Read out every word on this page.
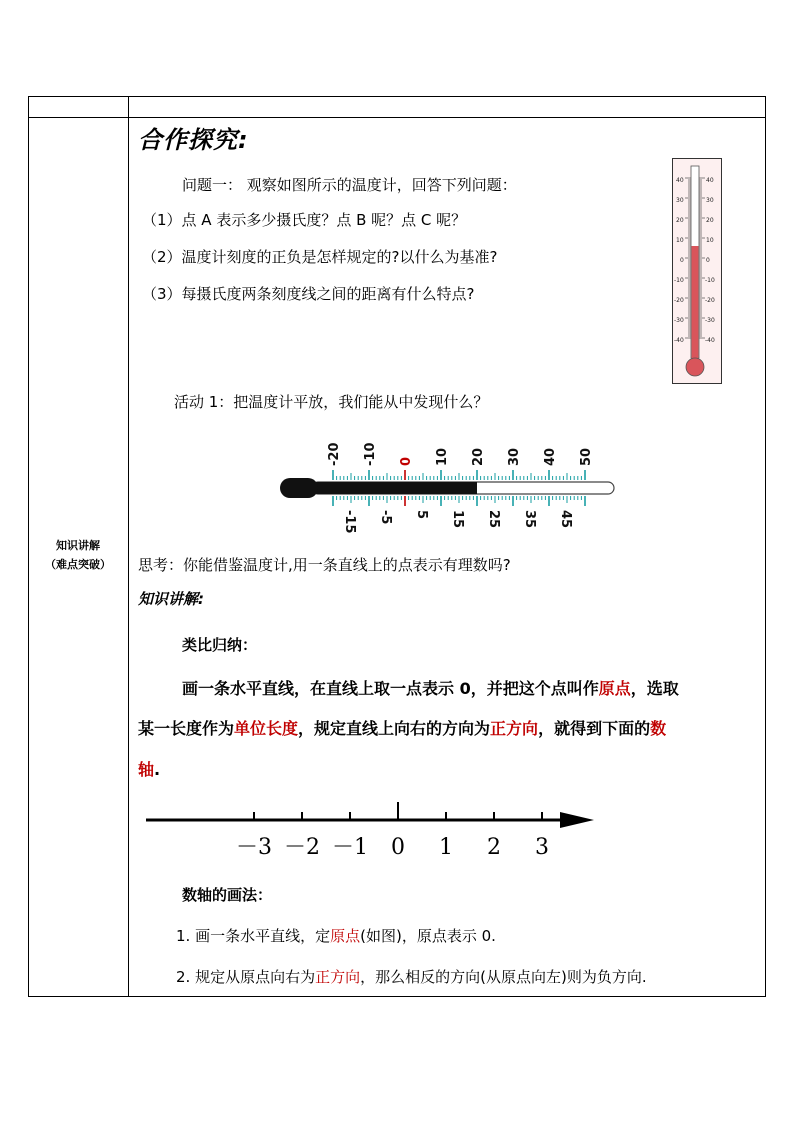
知识讲解
（难点突破）
合作探究:
问题一： 观察如图所示的温度计，回答下列问题：
（1）点 A 表示多少摄氏度？点 B 呢？点 C 呢？
（2）温度计刻度的正负是怎样规定的?以什么为基准?
（3）每摄氏度两条刻度线之间的距离有什么特点?
40
30
20
10
0
-10
-20
-30
-40
40
30
20
10
0
-10
-20
-30
-40
活动 1：把温度计平放，我们能从中发现什么？
-20 -10 0 10 20 30 40 50
-15 -5 5 15 25 35 45
思考：你能借鉴温度计,用一条直线上的点表示有理数吗?
知识讲解:
类比归纳：
画一条水平直线，在直线上取一点表示 0，并把这个点叫作原点，选取
某一长度作为单位长度，规定直线上向右的方向为正方向，就得到下面的数
轴.
－3 －2 －1 0 1 2 3
数轴的画法：
1. 画一条水平直线，定原点(如图)，原点表示 0.
2. 规定从原点向右为正方向，那么相反的方向(从原点向左)则为负方向.
